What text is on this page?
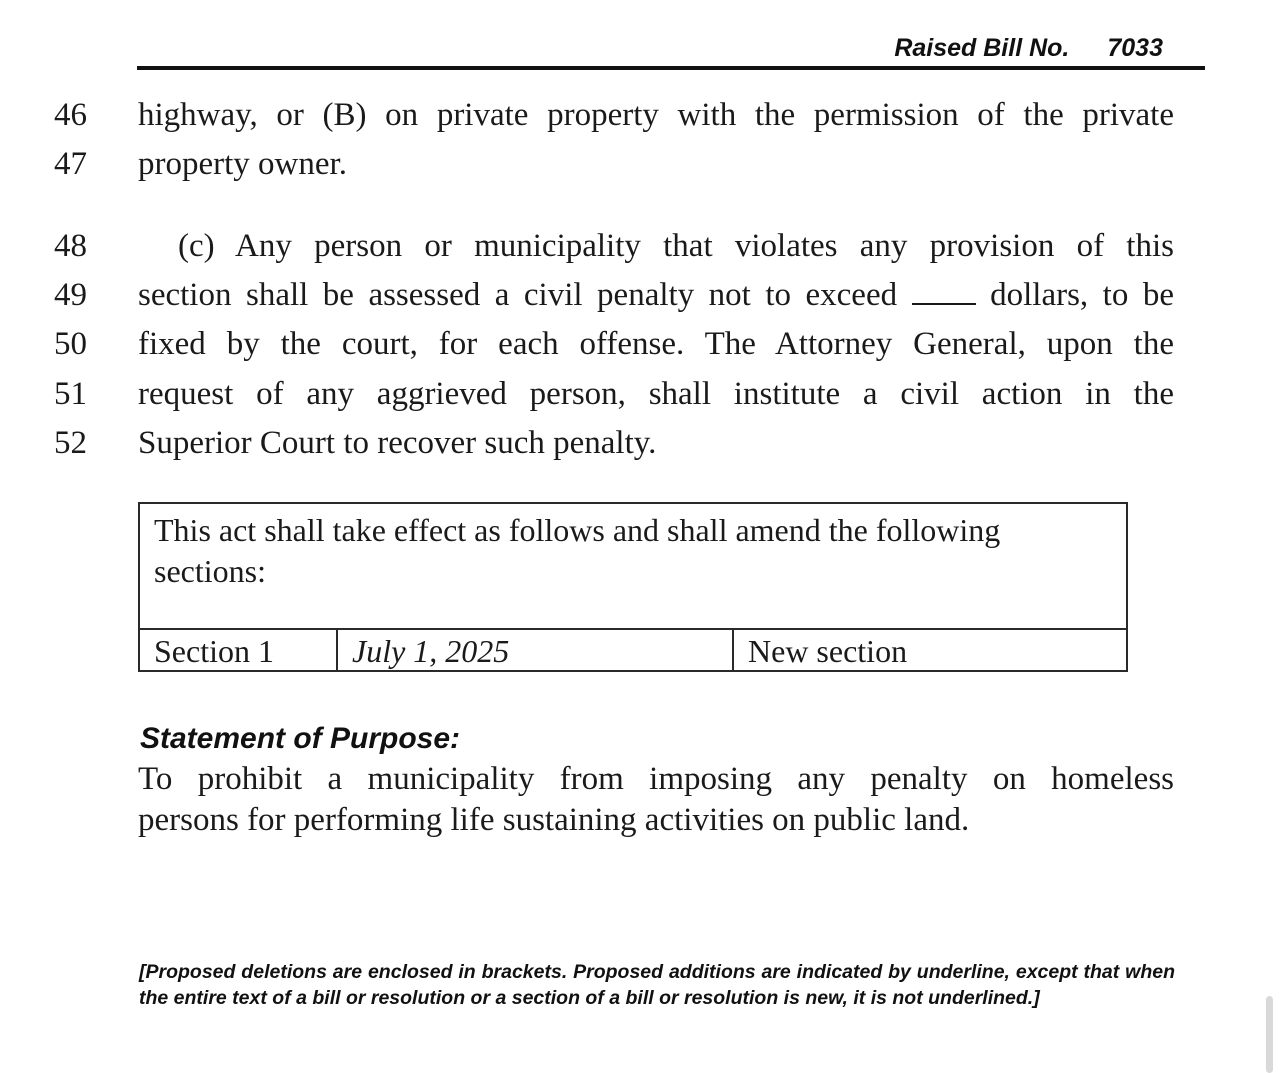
Raised Bill No. 7033
46 highway, or (B) on private property with the permission of the private
47 property owner.
48	(c) Any person or municipality that violates any provision of this
49 section shall be assessed a civil penalty not to exceed	dollars, to be
50 fixed by the court, for each offense. The Attorney General, upon the
51 request of any aggrieved person, shall institute a civil action in the
52 Superior Court to recover such penalty.
This act shall take effect as follows and shall amend the following sections:
Section 1	July 1, 2025	New section
Statement of Purpose:
To prohibit a municipality from imposing any penalty on homeless
persons for performing life sustaining activities on public land.
[Proposed deletions are enclosed in brackets. Proposed additions are indicated by underline, except that when the entire text of a bill or resolution or a section of a bill or resolution is new, it is not underlined.]
